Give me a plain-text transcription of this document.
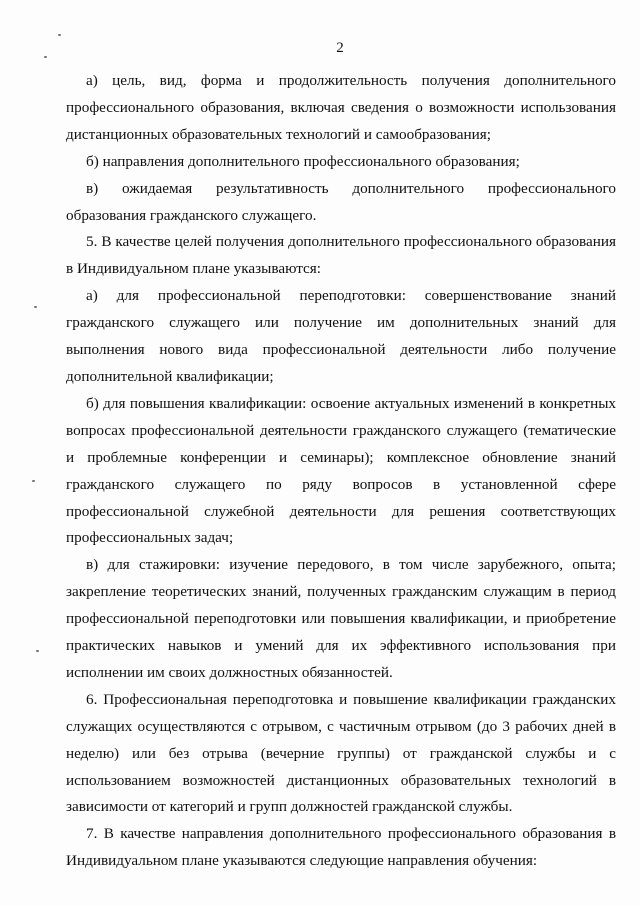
2

а) цель, вид, форма и продолжительность получения дополнительного профессионального образования, включая сведения о возможности использования дистанционных образовательных технологий и самообразования;

б) направления дополнительного профессионального образования;

в) ожидаемая результативность дополнительного профессионального образования гражданского служащего.

5. В качестве целей получения дополнительного профессионального образования в Индивидуальном плане указываются:

а) для профессиональной переподготовки: совершенствование знаний гражданского служащего или получение им дополнительных знаний для выполнения нового вида профессиональной деятельности либо получение дополнительной квалификации;

б) для повышения квалификации: освоение актуальных изменений в конкретных вопросах профессиональной деятельности гражданского служащего (тематические и проблемные конференции и семинары); комплексное обновление знаний гражданского служащего по ряду вопросов в установленной сфере профессиональной служебной деятельности для решения соответствующих профессиональных задач;

в) для стажировки: изучение передового, в том числе зарубежного, опыта; закрепление теоретических знаний, полученных гражданским служащим в период профессиональной переподготовки или повышения квалификации, и приобретение практических навыков и умений для их эффективного использования при исполнении им своих должностных обязанностей.

6. Профессиональная переподготовка и повышение квалификации гражданских служащих осуществляются с отрывом, с частичным отрывом (до 3 рабочих дней в неделю) или без отрыва (вечерние группы) от гражданской службы и с использованием возможностей дистанционных образовательных технологий в зависимости от категорий и групп должностей гражданской службы.

7. В качестве направления дополнительного профессионального образования в Индивидуальном плане указываются следующие направления обучения:
